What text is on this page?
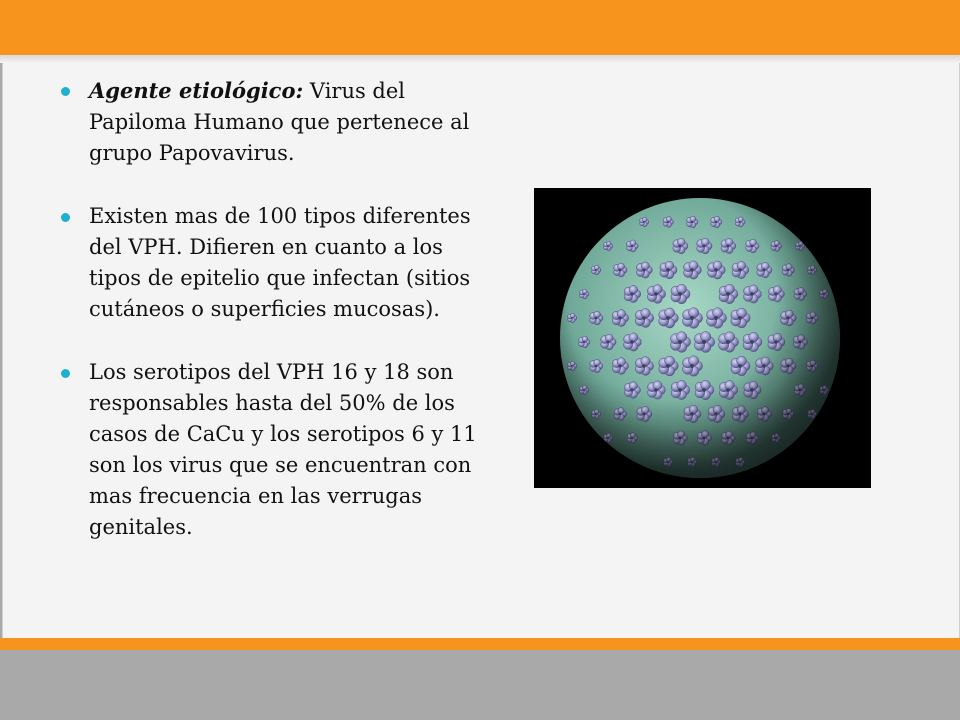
Agente etiológico: Virus del Papiloma Humano que pertenece al grupo Papovavirus.
Existen mas de 100 tipos diferentes del VPH. Difieren en cuanto a los tipos de epitelio que infectan (sitios cutáneos o superficies mucosas).
Los serotipos del VPH 16 y 18 son responsables hasta del 50% de los casos de CaCu y los serotipos 6 y 11 son los virus que se encuentran con mas frecuencia en las verrugas genitales.
